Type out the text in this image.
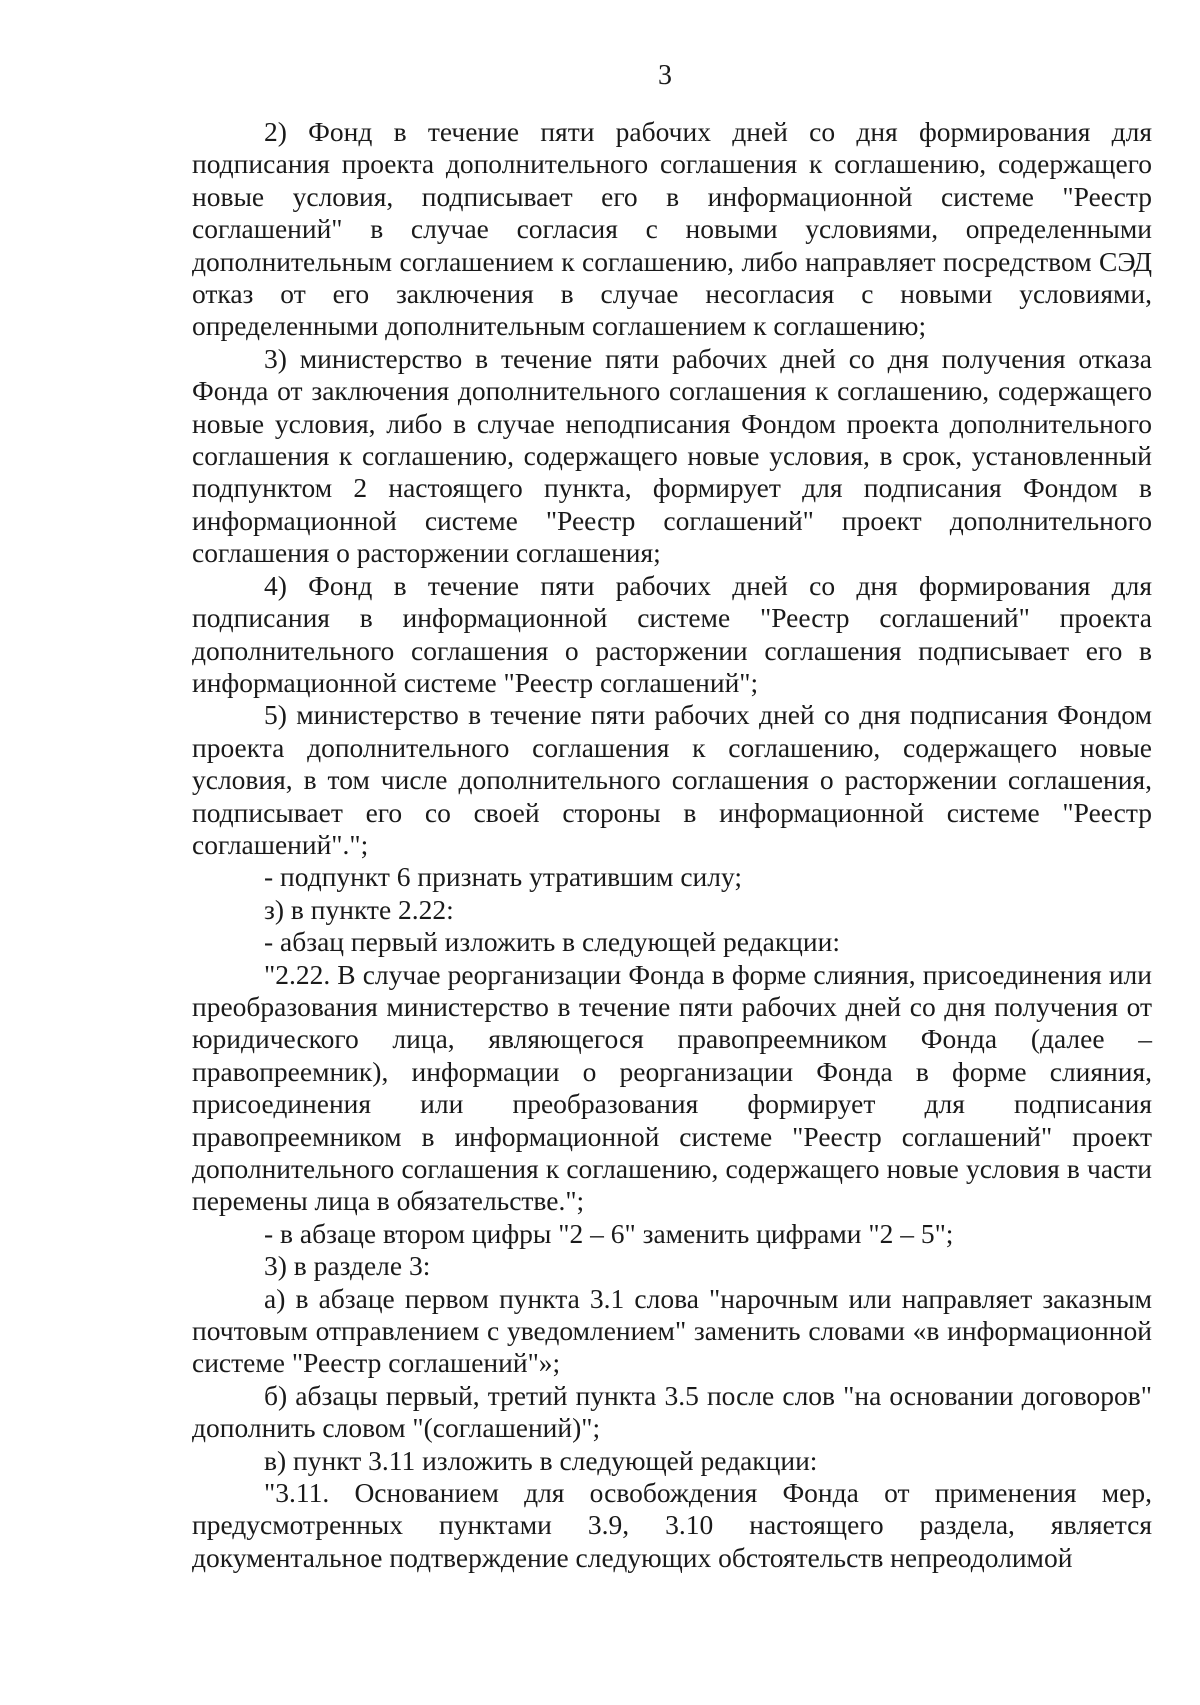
3

2) Фонд в течение пяти рабочих дней со дня формирования для подписания проекта дополнительного соглашения к соглашению, содержащего новые условия, подписывает его в информационной системе "Реестр соглашений" в случае согласия с новыми условиями, определенными дополнительным соглашением к соглашению, либо направляет посредством СЭД отказ от его заключения в случае несогласия с новыми условиями, определенными дополнительным соглашением к соглашению;

3) министерство в течение пяти рабочих дней со дня получения отказа Фонда от заключения дополнительного соглашения к соглашению, содержащего новые условия, либо в случае неподписания Фондом проекта дополнительного соглашения к соглашению, содержащего новые условия, в срок, установленный подпунктом 2 настоящего пункта, формирует для подписания Фондом в информационной системе "Реестр соглашений" проект дополнительного соглашения о расторжении соглашения;

4) Фонд в течение пяти рабочих дней со дня формирования для подписания в информационной системе "Реестр соглашений" проекта дополнительного соглашения о расторжении соглашения подписывает его в информационной системе "Реестр соглашений";

5) министерство в течение пяти рабочих дней со дня подписания Фондом проекта дополнительного соглашения к соглашению, содержащего новые условия, в том числе дополнительного соглашения о расторжении соглашения, подписывает его со своей стороны в информационной системе "Реестр соглашений".";

- подпункт 6 признать утратившим силу;

з) в пункте 2.22:

- абзац первый изложить в следующей редакции:

"2.22. В случае реорганизации Фонда в форме слияния, присоединения или преобразования министерство в течение пяти рабочих дней со дня получения от юридического лица, являющегося правопреемником Фонда (далее – правопреемник), информации о реорганизации Фонда в форме слияния, присоединения или преобразования формирует для подписания правопреемником в информационной системе "Реестр соглашений" проект дополнительного соглашения к соглашению, содержащего новые условия в части перемены лица в обязательстве.";

- в абзаце втором цифры "2 – 6" заменить цифрами "2 – 5";

3) в разделе 3:

а) в абзаце первом пункта 3.1 слова "нарочным или направляет заказным почтовым отправлением с уведомлением" заменить словами «в информационной системе "Реестр соглашений"»;

б) абзацы первый, третий пункта 3.5 после слов "на основании договоров" дополнить словом "(соглашений)";

в) пункт 3.11 изложить в следующей редакции:

"3.11. Основанием для освобождения Фонда от применения мер, предусмотренных пунктами 3.9, 3.10 настоящего раздела, является документальное подтверждение следующих обстоятельств непреодолимой
